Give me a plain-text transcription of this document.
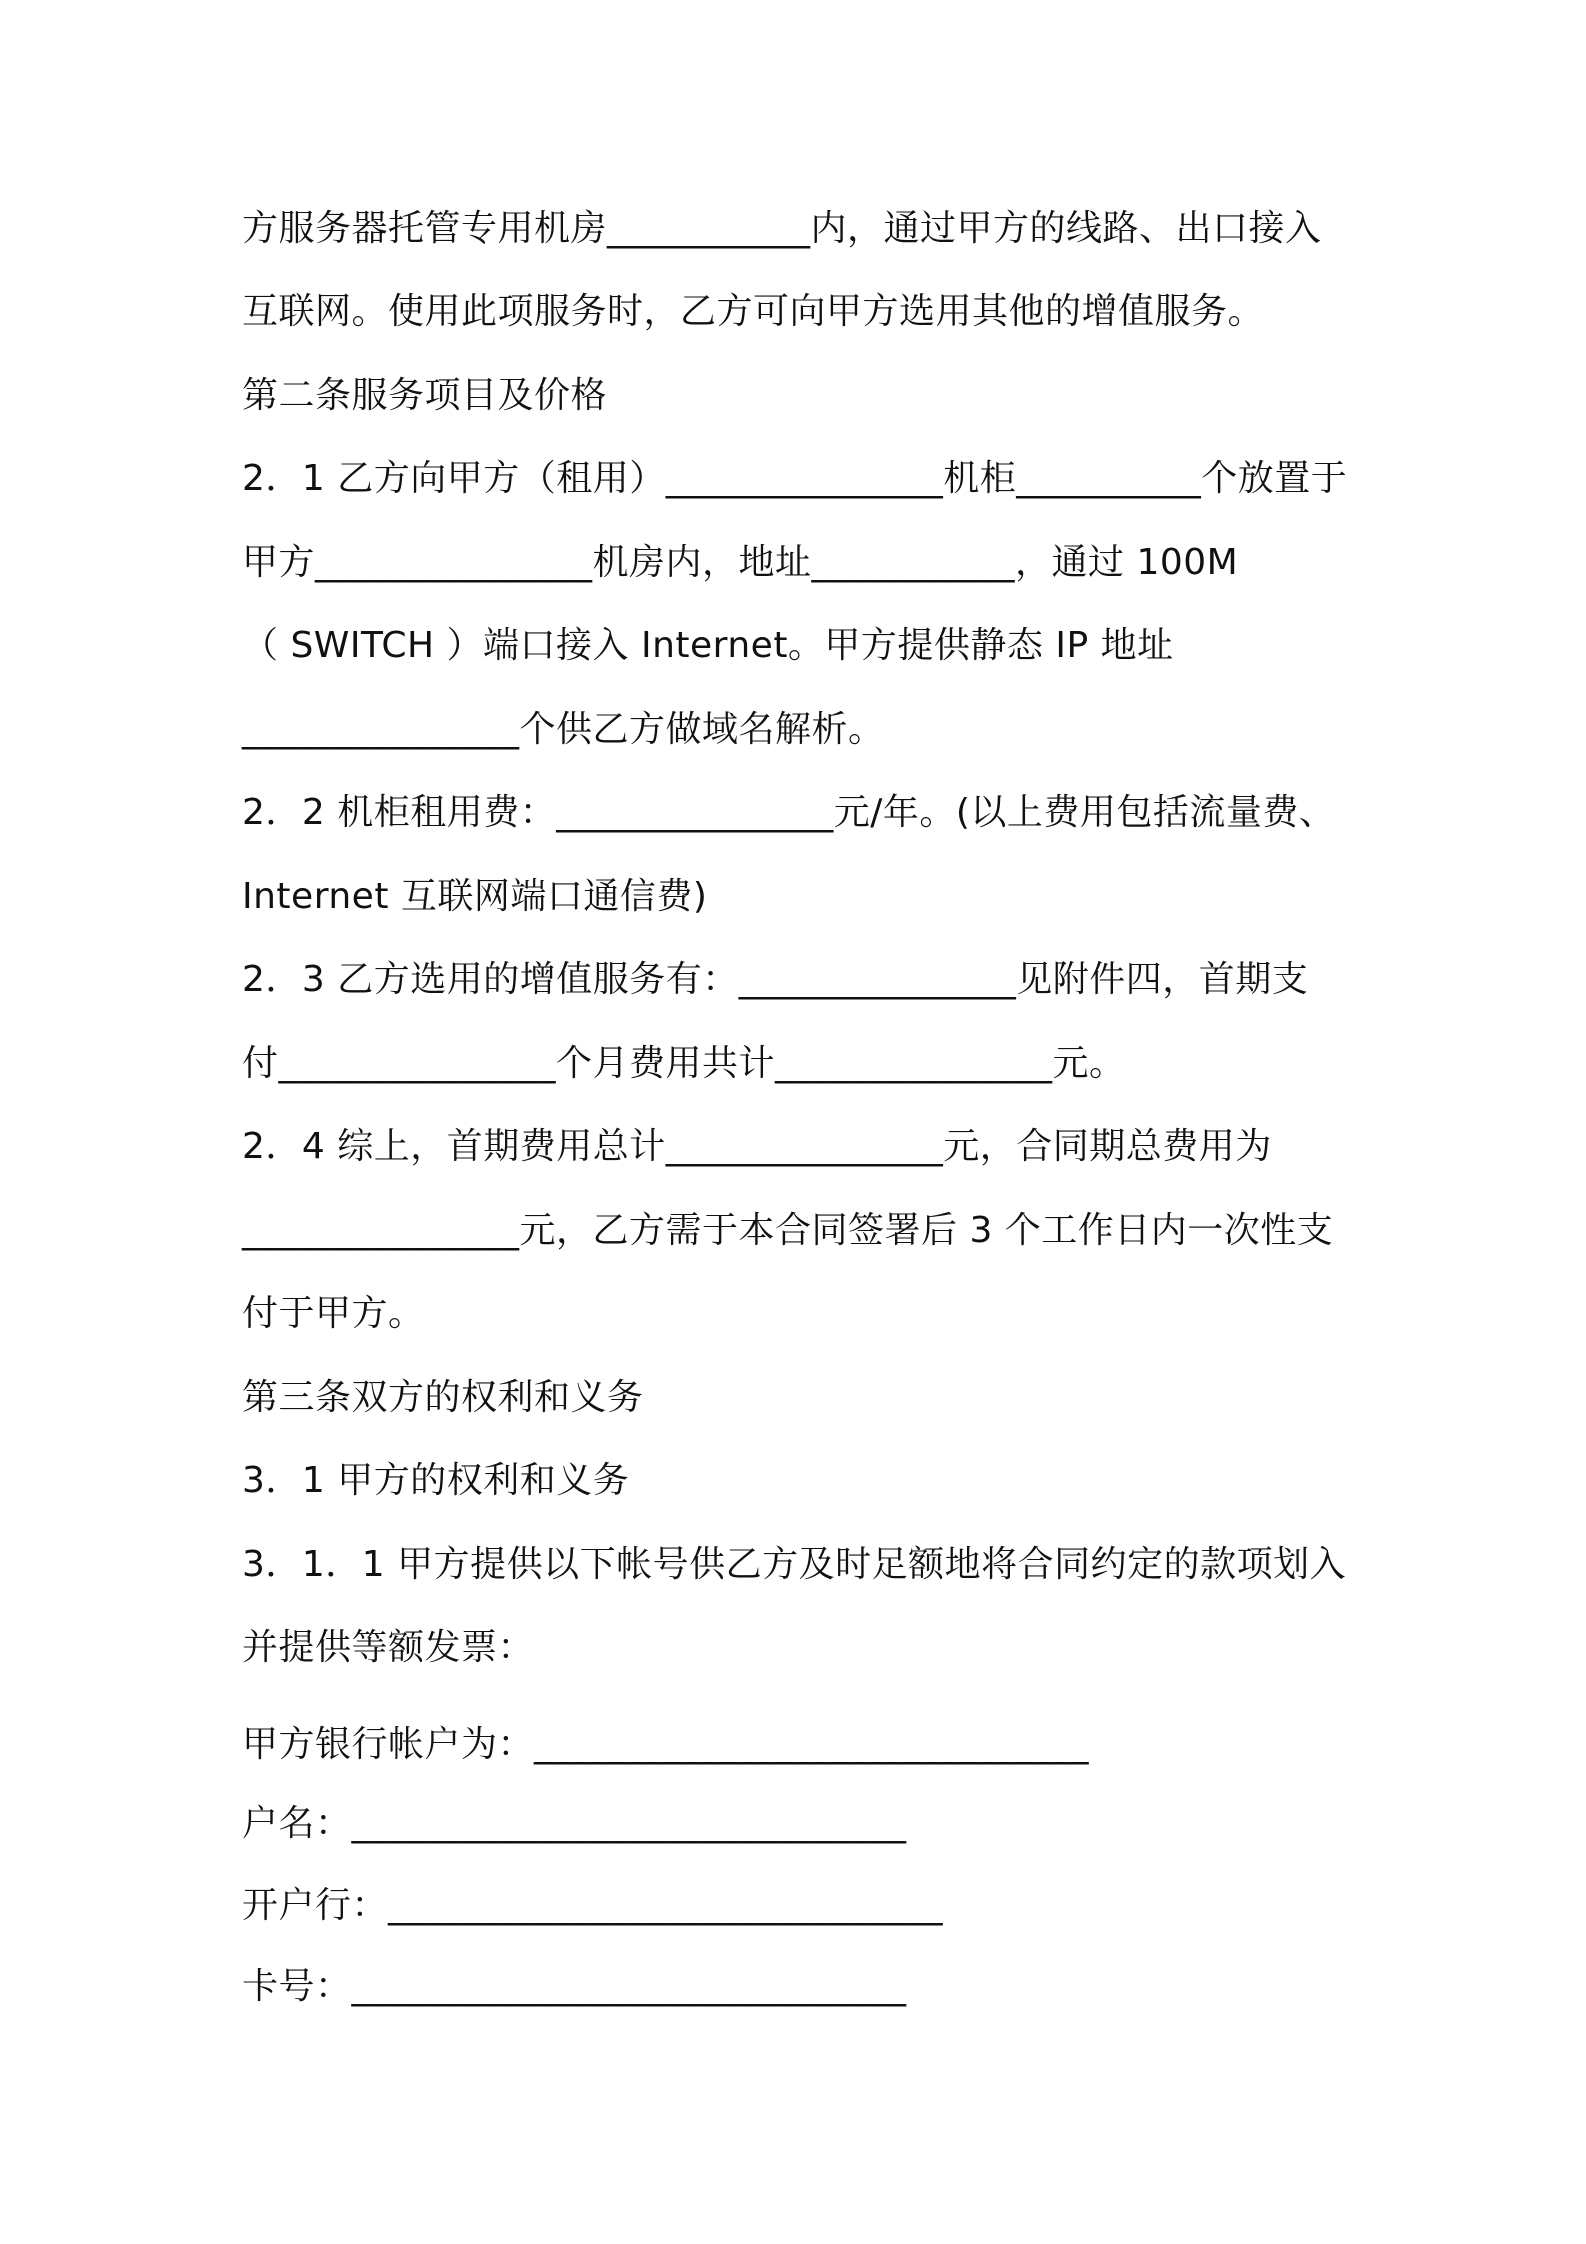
方服务器托管专用机房___________内，通过甲方的线路、出口接入
互联网。使用此项服务时，乙方可向甲方选用其他的增值服务。
第二条服务项目及价格
2．1 乙方向甲方（租用）_______________机柜__________个放置于
甲方_______________机房内，地址___________，通过 100M
（ SWITCH ）端口接入 Internet。甲方提供静态 IP 地址
_______________个供乙方做域名解析。
2．2 机柜租用费：_______________元/年。(以上费用包括流量费、
Internet 互联网端口通信费)
2．3 乙方选用的增值服务有：_______________见附件四，首期支
付_______________个月费用共计_______________元。
2．4 综上，首期费用总计_______________元，合同期总费用为
_______________元，乙方需于本合同签署后 3 个工作日内一次性支
付于甲方。
第三条双方的权利和义务
3．1 甲方的权利和义务
3．1．1 甲方提供以下帐号供乙方及时足额地将合同约定的款项划入
并提供等额发票：
甲方银行帐户为：______________________________
户名：______________________________
开户行：______________________________
卡号：______________________________
